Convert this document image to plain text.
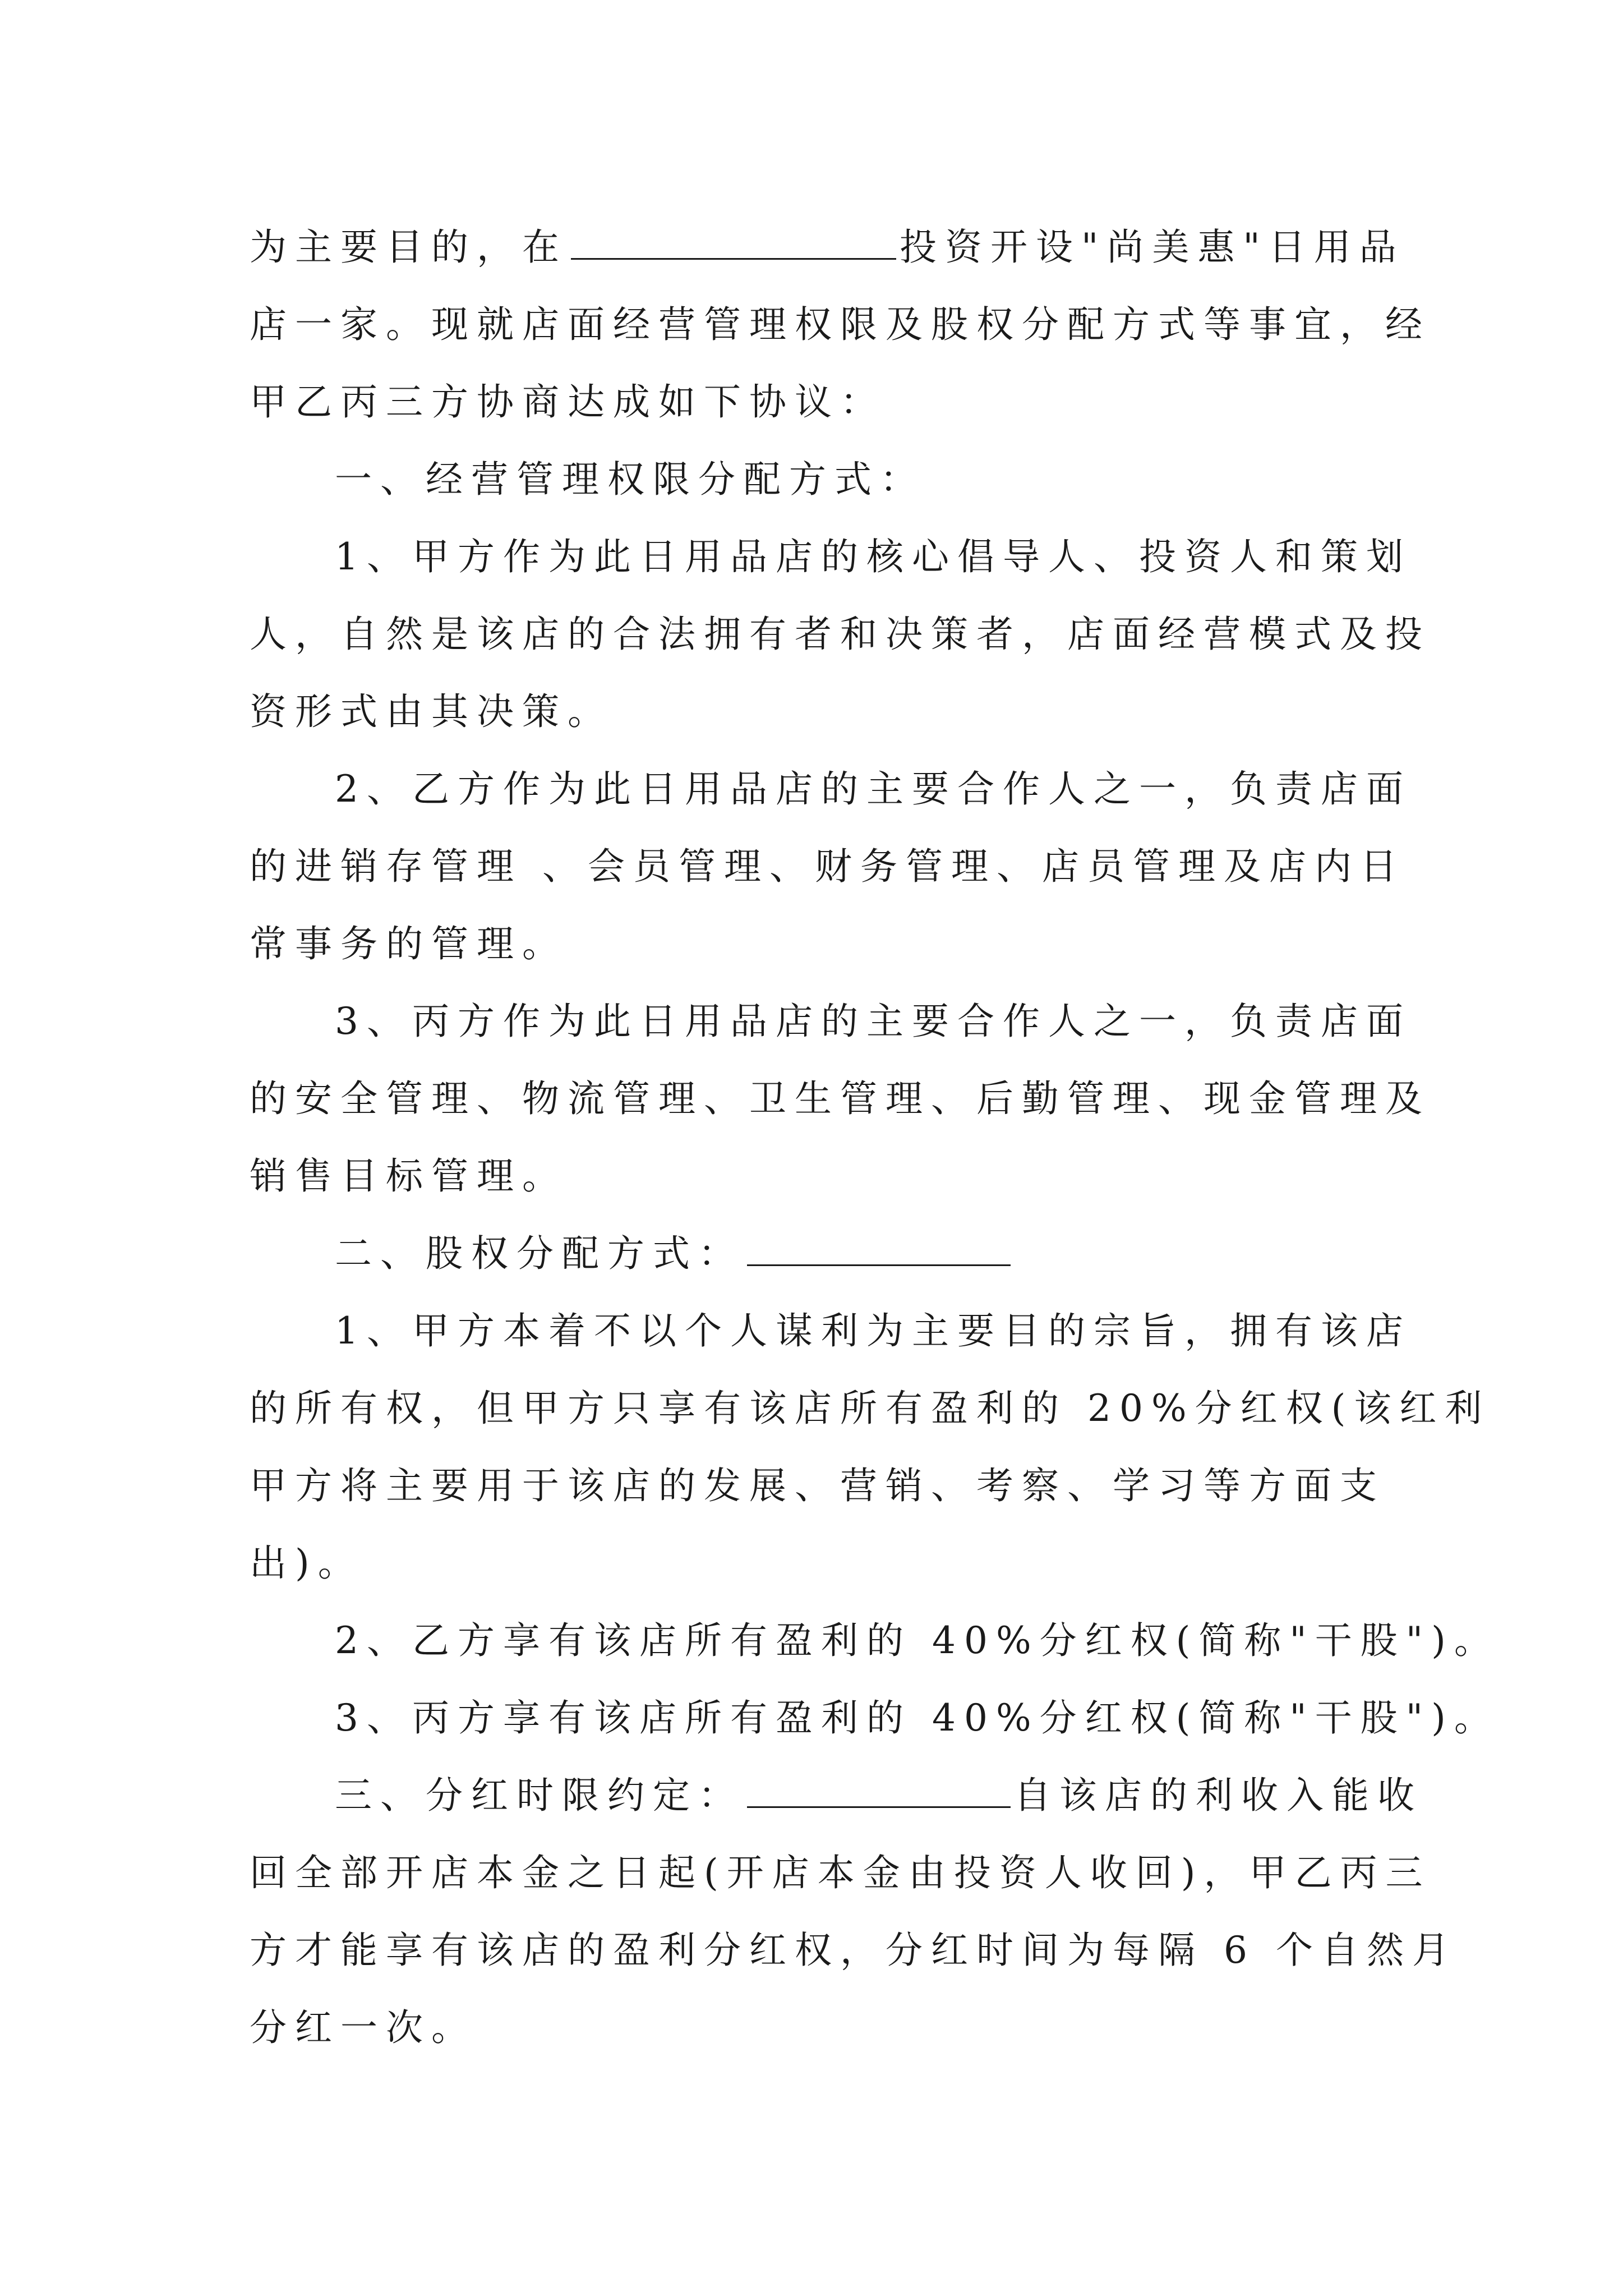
为主要目的，在	投资开设"尚美惠"日用品
店一家。现就店面经营管理权限及股权分配方式等事宜，经
甲乙丙三方协商达成如下协议：
一、经营管理权限分配方式：
1、甲方作为此日用品店的核心倡导人、投资人和策划
人，自然是该店的合法拥有者和决策者，店面经营模式及投
资形式由其决策。
2、乙方作为此日用品店的主要合作人之一，负责店面
的进销存管理 、会员管理、财务管理、店员管理及店内日
常事务的管理。
3、丙方作为此日用品店的主要合作人之一，负责店面
的安全管理、物流管理、卫生管理、后勤管理、现金管理及
销售目标管理。
二、股权分配方式：
1、甲方本着不以个人谋利为主要目的宗旨，拥有该店
的所有权，但甲方只享有该店所有盈利的 20%分红权(该红利
甲方将主要用于该店的发展、营销、考察、学习等方面支
出)。
2、乙方享有该店所有盈利的 40%分红权(简称"干股")。
3、丙方享有该店所有盈利的 40%分红权(简称"干股")。
三、分红时限约定：	自该店的利收入能收
回全部开店本金之日起(开店本金由投资人收回)，甲乙丙三
方才能享有该店的盈利分红权，分红时间为每隔 6 个自然月
分红一次。
